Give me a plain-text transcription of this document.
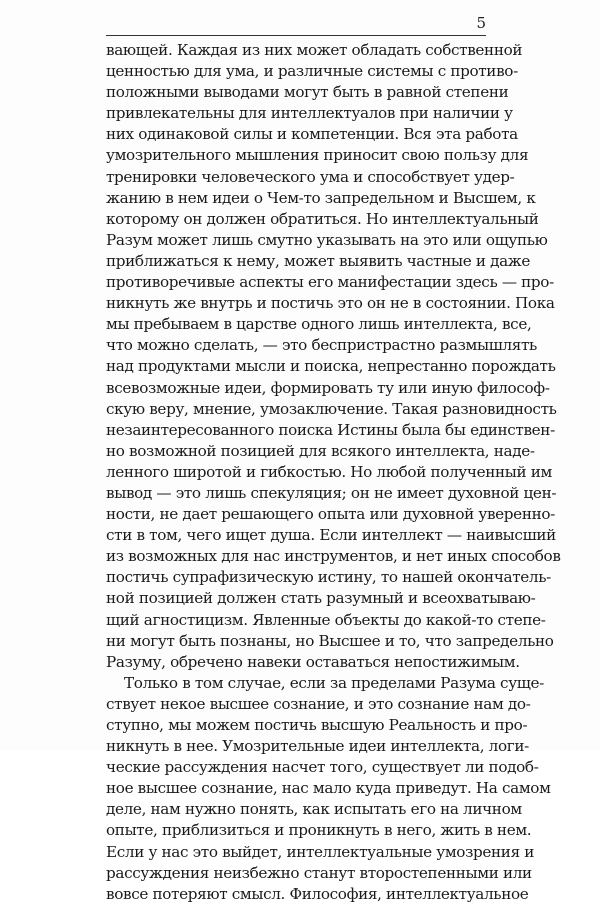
5
вающей. Каждая из них может обладать собственной
ценностью для ума, и различные системы с противо-
положными выводами могут быть в равной степени
привлекательны для интеллектуалов при наличии у
них одинаковой силы и компетенции. Вся эта работа
умозрительного мышления приносит свою пользу для
тренировки человеческого ума и способствует удер-
жанию в нем идеи о Чем-то запредельном и Высшем, к
которому он должен обратиться. Но интеллектуальный
Разум может лишь смутно указывать на это или ощупью
приближаться к нему, может выявить частные и даже
противоречивые аспекты его манифестации здесь — про-
никнуть же внутрь и постичь это он не в состоянии. Пока
мы пребываем в царстве одного лишь интеллекта, все,
что можно сделать, — это беспристрастно размышлять
над продуктами мысли и поиска, непрестанно порождать
всевозможные идеи, формировать ту или иную философ-
скую веру, мнение, умозаключение. Такая разновидность
незаинтересованного поиска Истины была бы единствен-
но возможной позицией для всякого интеллекта, наде-
ленного широтой и гибкостью. Но любой полученный им
вывод — это лишь спекуляция; он не имеет духовной цен-
ности, не дает решающего опыта или духовной уверенно-
сти в том, чего ищет душа. Если интеллект — наивысший
из возможных для нас инструментов, и нет иных способов
постичь супрафизическую истину, то нашей окончатель-
ной позицией должен стать разумный и всеохватываю-
щий агностицизм. Явленные объекты до какой-то степе-
ни могут быть познаны, но Высшее и то, что запредельно
Разуму, обречено навеки оставаться непостижимым.
Только в том случае, если за пределами Разума суще-
ствует некое высшее сознание, и это сознание нам до-
ступно, мы можем постичь высшую Реальность и про-
никнуть в нее. Умозрительные идеи интеллекта, логи-
ческие рассуждения насчет того, существует ли подоб-
ное высшее сознание, нас мало куда приведут. На самом
деле, нам нужно понять, как испытать его на личном
опыте, приблизиться и проникнуть в него, жить в нем.
Если у нас это выйдет, интеллектуальные умозрения и
рассуждения неизбежно станут второстепенными или
вовсе потеряют смысл. Философия, интеллектуальное
